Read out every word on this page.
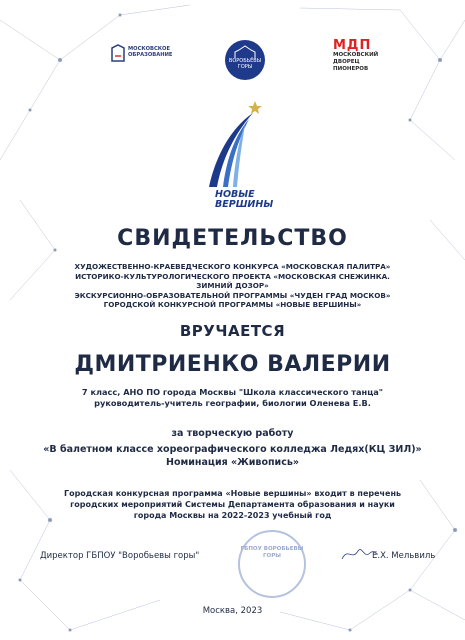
МОСКОВСКОЕ ОБРАЗОВАНИЕ
ВОРОБЬЁВЫ ГОРЫ
МДП
МОСКОВСКИЙ ДВОРЕЦ ПИОНЕРОВ
НОВЫЕ
ВЕРШИНЫ
СВИДЕТЕЛЬСТВО
ХУДОЖЕСТВЕННО-КРАЕВЕДЧЕСКОГО КОНКУРСА «МОСКОВСКАЯ ПАЛИТРА»
ИСТОРИКО-КУЛЬТУРОЛОГИЧЕСКОГО ПРОЕКТА «МОСКОВСКАЯ СНЕЖИНКА. ЗИМНИЙ ДОЗОР»
ЭКСКУРСИОННО-ОБРАЗОВАТЕЛЬНОЙ ПРОГРАММЫ «ЧУДЕН ГРАД МОСКОВ»
ГОРОДСКОЙ КОНКУРСНОЙ ПРОГРАММЫ «НОВЫЕ ВЕРШИНЫ»
ВРУЧАЕТСЯ
ДМИТРИЕНКО ВАЛЕРИИ
7 класс, АНО ПО города Москвы "Школа классического танца"
руководитель-учитель географии, биологии Оленева Е.В.
за творческую работу
«В балетном классе хореографического колледжа Ледях(КЦ ЗИЛ)»
Номинация «Живопись»
Городская конкурсная программа «Новые вершины» входит в перечень
городских мероприятий Системы Департамента образования и науки
города Москвы на 2022-2023 учебный год
ГБПОУ ВОРОБЬЕВЫ ГОРЫ
Директор ГБПОУ "Воробьевы горы"	Е.Х. Мельвиль
Москва, 2023
